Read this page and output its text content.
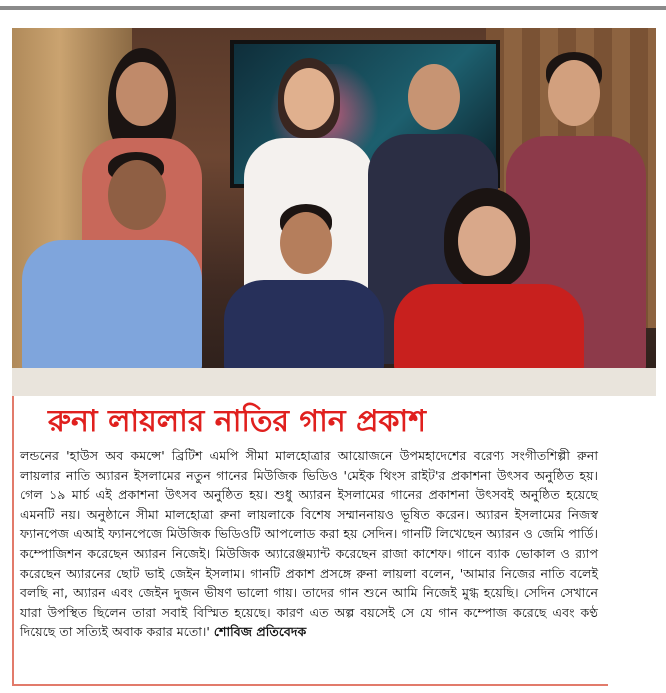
রুনা লায়লার নাতির গান প্রকাশ

লন্ডনের 'হাউস অব কমন্সে' ব্রিটিশ এমপি সীমা মালহোত্রার আয়োজনে উপমহাদেশের বরেণ্য সংগীতশিল্পী রুনা লায়লার নাতি অ্যারন ইসলামের নতুন গানের মিউজিক ভিডিও 'মেইক থিংস রাইট'র প্রকাশনা উৎসব অনুষ্ঠিত হয়। গেল ১৯ মার্চ এই প্রকাশনা উৎসব অনুষ্ঠিত হয়। শুধু অ্যারন ইসলামের গানের প্রকাশনা উৎসবই অনুষ্ঠিত হয়েছে এমনটি নয়। অনুষ্ঠানে সীমা মালহোত্রা রুনা লায়লাকে বিশেষ সম্মাননায়ও ভূষিত করেন। অ্যারন ইসলামের নিজস্ব ফ্যানপেজ এআই ফ্যানপেজে মিউজিক ভিডিওটি আপলোড করা হয় সেদিন। গানটি লিখেছেন অ্যারন ও জেমি পার্ডি। কম্পোজিশন করেছেন অ্যারন নিজেই। মিউজিক অ্যারেঞ্জম্যান্ট করেছেন রাজা কাশেফ। গানে ব্যাক ভোকাল ও র‍্যাপ করেছেন অ্যারনের ছোট ভাই জেইন ইসলাম। গানটি প্রকাশ প্রসঙ্গে রুনা লায়লা বলেন, 'আমার নিজের নাতি বলেই বলছি না, অ্যারন এবং জেইন দুজন ভীষণ ভালো গায়। তাদের গান শুনে আমি নিজেই মুগ্ধ হয়েছি। সেদিন সেখানে যারা উপস্থিত ছিলেন তারা সবাই বিস্মিত হয়েছে। কারণ এত অল্প বয়সেই সে যে গান কম্পোজ করেছে এবং কণ্ঠ দিয়েছে তা সত্যিই অবাক করার মতো।' শোবিজ প্রতিবেদক
